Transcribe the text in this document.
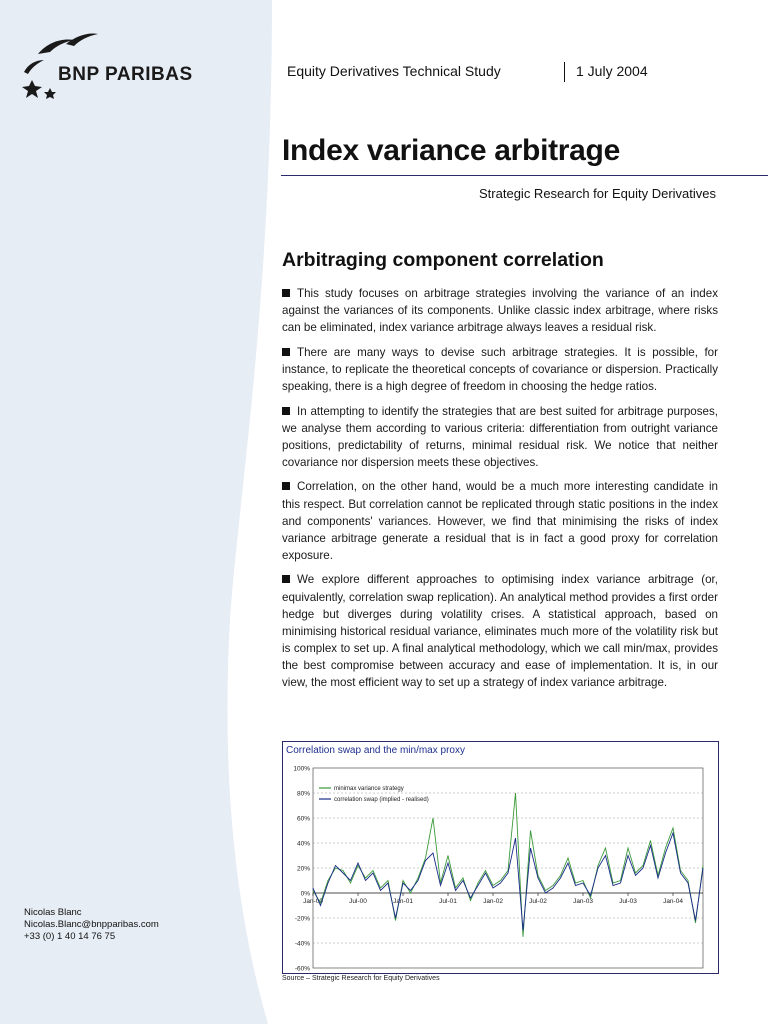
BNP PARIBAS	Equity Derivatives Technical Study	1 July 2004
Index variance arbitrage
Strategic Research for Equity Derivatives
Arbitraging component correlation

This study focuses on arbitrage strategies involving the variance of an index against the variances of its components. Unlike classic index arbitrage, where risks can be eliminated, index variance arbitrage always leaves a residual risk.

There are many ways to devise such arbitrage strategies. It is possible, for instance, to replicate the theoretical concepts of covariance or dispersion. Practically speaking, there is a high degree of freedom in choosing the hedge ratios.

In attempting to identify the strategies that are best suited for arbitrage purposes, we analyse them according to various criteria: differentiation from outright variance positions, predictability of returns, minimal residual risk. We notice that neither covariance nor dispersion meets these objectives.

Correlation, on the other hand, would be a much more interesting candidate in this respect. But correlation cannot be replicated through static positions in the index and components' variances. However, we find that minimising the risks of index variance arbitrage generate a residual that is in fact a good proxy for correlation exposure.

We explore different approaches to optimising index variance arbitrage (or, equivalently, correlation swap replication). An analytical method provides a first order hedge but diverges during volatility crises. A statistical approach, based on minimising historical residual variance, eliminates much more of the volatility risk but is complex to set up. A final analytical methodology, which we call min/max, provides the best compromise between accuracy and ease of implementation. It is, in our view, the most efficient way to set up a strategy of index variance arbitrage.

Correlation swap and the min/max proxy
100%
80%
60%
40%
20%
0%
-20%
-40%
-60%
Jan-00	Jul-00	Jan-01	Jul-01	Jan-02	Jul-02	Jan-03	Jul-03	Jan-04
minimax variance strategy
correlation swap (implied - realised)
Source – Strategic Research for Equity Derivatives
Nicolas Blanc
Nicolas.Blanc@bnpparibas.com
+33 (0) 1 40 14 76 75
